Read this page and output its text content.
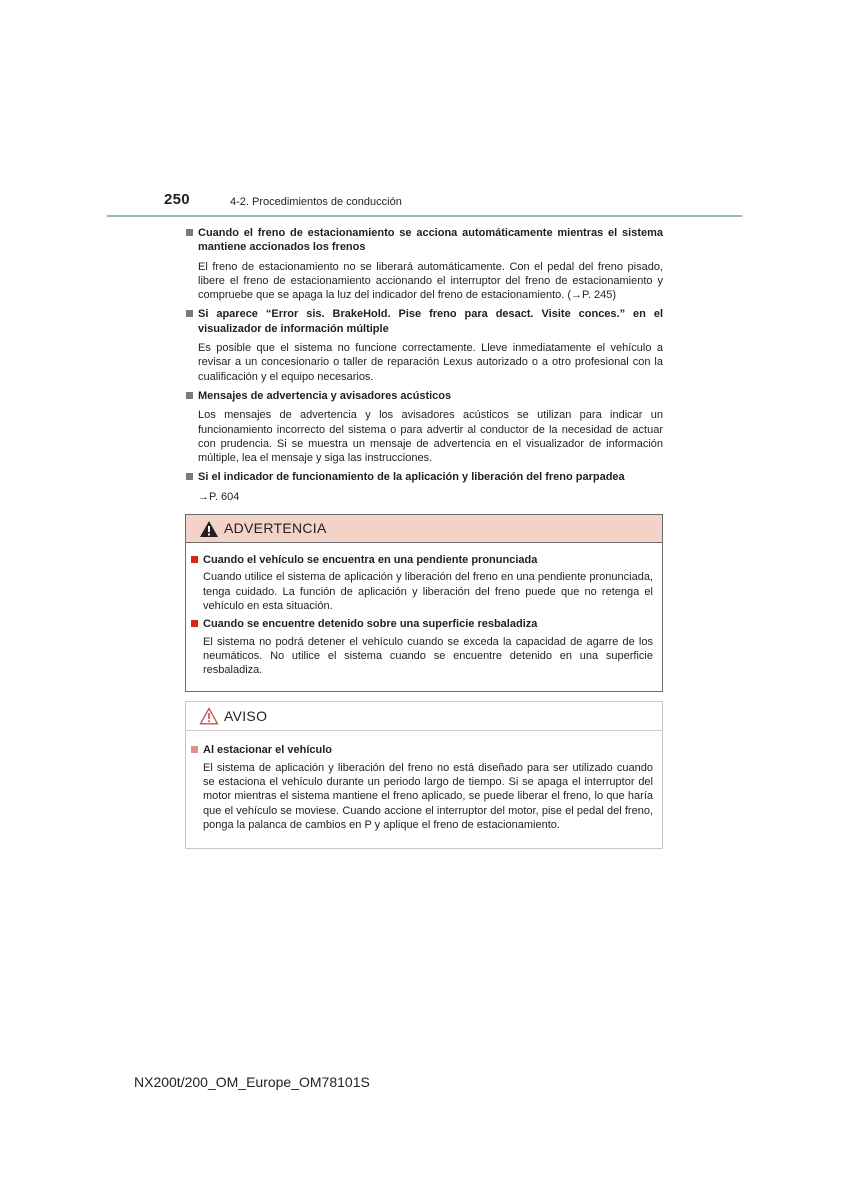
250	4-2. Procedimientos de conducción
Cuando el freno de estacionamiento se acciona automáticamente mientras el sistema mantiene accionados los frenos

El freno de estacionamiento no se liberará automáticamente. Con el pedal del freno pisado, libere el freno de estacionamiento accionando el interruptor del freno de estacionamiento y compruebe que se apaga la luz del indicador del freno de estacionamiento. (→P. 245)

Si aparece “Error sis. BrakeHold. Pise freno para desact. Visite conces.” en el visualizador de información múltiple

Es posible que el sistema no funcione correctamente. Lleve inmediatamente el vehículo a revisar a un concesionario o taller de reparación Lexus autorizado o a otro profesional con la cualificación y el equipo necesarios.

Mensajes de advertencia y avisadores acústicos

Los mensajes de advertencia y los avisadores acústicos se utilizan para indicar un funcionamiento incorrecto del sistema o para advertir al conductor de la necesidad de actuar con prudencia. Si se muestra un mensaje de advertencia en el visualizador de información múltiple, lea el mensaje y siga las instrucciones.

Si el indicador de funcionamiento de la aplicación y liberación del freno parpadea
→P. 604
ADVERTENCIA
Cuando el vehículo se encuentra en una pendiente pronunciada

Cuando utilice el sistema de aplicación y liberación del freno en una pendiente pronunciada, tenga cuidado. La función de aplicación y liberación del freno puede que no retenga el vehículo en esta situación.

Cuando se encuentre detenido sobre una superficie resbaladiza

El sistema no podrá detener el vehículo cuando se exceda la capacidad de agarre de los neumáticos. No utilice el sistema cuando se encuentre detenido en una superficie resbaladiza.

AVISO
Al estacionar el vehículo

El sistema de aplicación y liberación del freno no está diseñado para ser utilizado cuando se estaciona el vehículo durante un periodo largo de tiempo. Si se apaga el interruptor del motor mientras el sistema mantiene el freno aplicado, se puede liberar el freno, lo que haría que el vehículo se moviese. Cuando accione el interruptor del motor, pise el pedal del freno, ponga la palanca de cambios en P y aplique el freno de estacionamiento.

NX200t/200_OM_Europe_OM78101S
